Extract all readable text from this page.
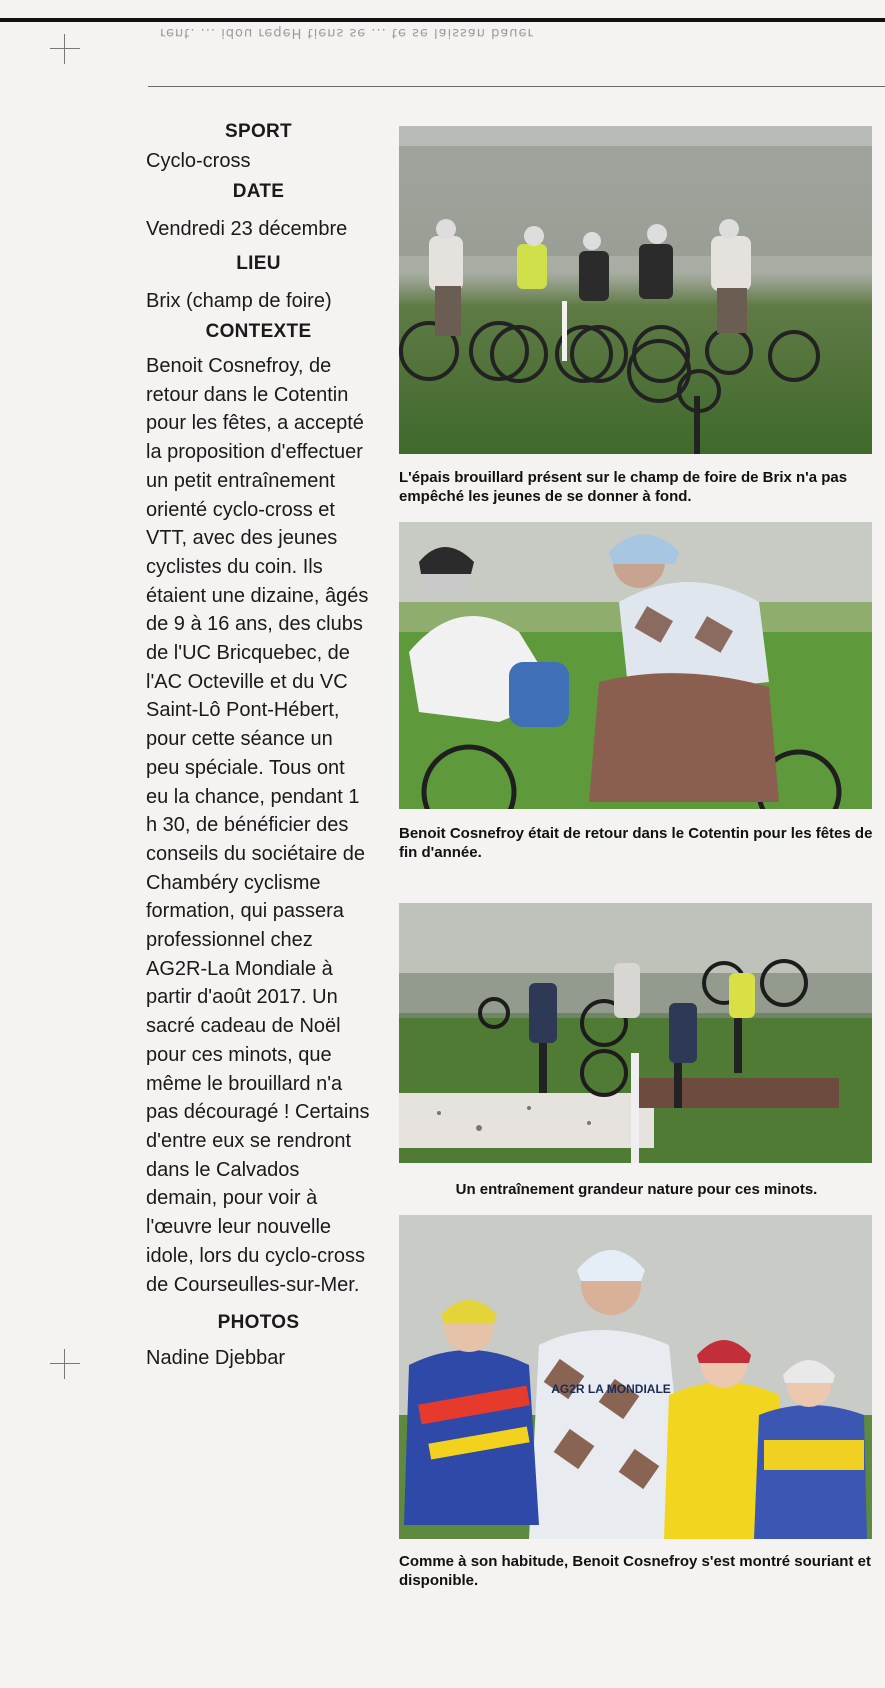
rent. ... idou reqeH tiens se ... te se laissan bauer

SPORT

Cyclo-cross

DATE

Vendredi 23 décembre

LIEU

Brix (champ de foire)

CONTEXTE

Benoit Cosnefroy, de retour dans le Cotentin pour les fêtes, a accepté la proposition d'effectuer un petit entraînement orienté cyclo-cross et VTT, avec des jeunes cyclistes du coin. Ils étaient une dizaine, âgés de 9 à 16 ans, des clubs de l'UC Bricquebec, de l'AC Octeville et du VC Saint-Lô Pont-Hébert, pour cette séance un peu spéciale. Tous ont eu la chance, pendant 1 h 30, de bénéficier des conseils du sociétaire de Chambéry cyclisme formation, qui passera professionnel chez AG2R-La Mondiale à partir d'août 2017. Un sacré cadeau de Noël pour ces minots, que même le brouillard n'a pas découragé ! Certains d'entre eux se rendront dans le Calvados demain, pour voir à l'œuvre leur nouvelle idole, lors du cyclo-cross de Courseulles-sur-Mer.

PHOTOS

Nadine Djebbar

L'épais brouillard présent sur le champ de foire de Brix n'a pas empêché les jeunes de se donner à fond.
Benoit Cosnefroy était de retour dans le Cotentin pour les fêtes de fin d'année.
Un entraînement grandeur nature pour ces minots.
AG2R LA MONDIALE
Comme à son habitude, Benoit Cosnefroy s'est montré souriant et disponible.
